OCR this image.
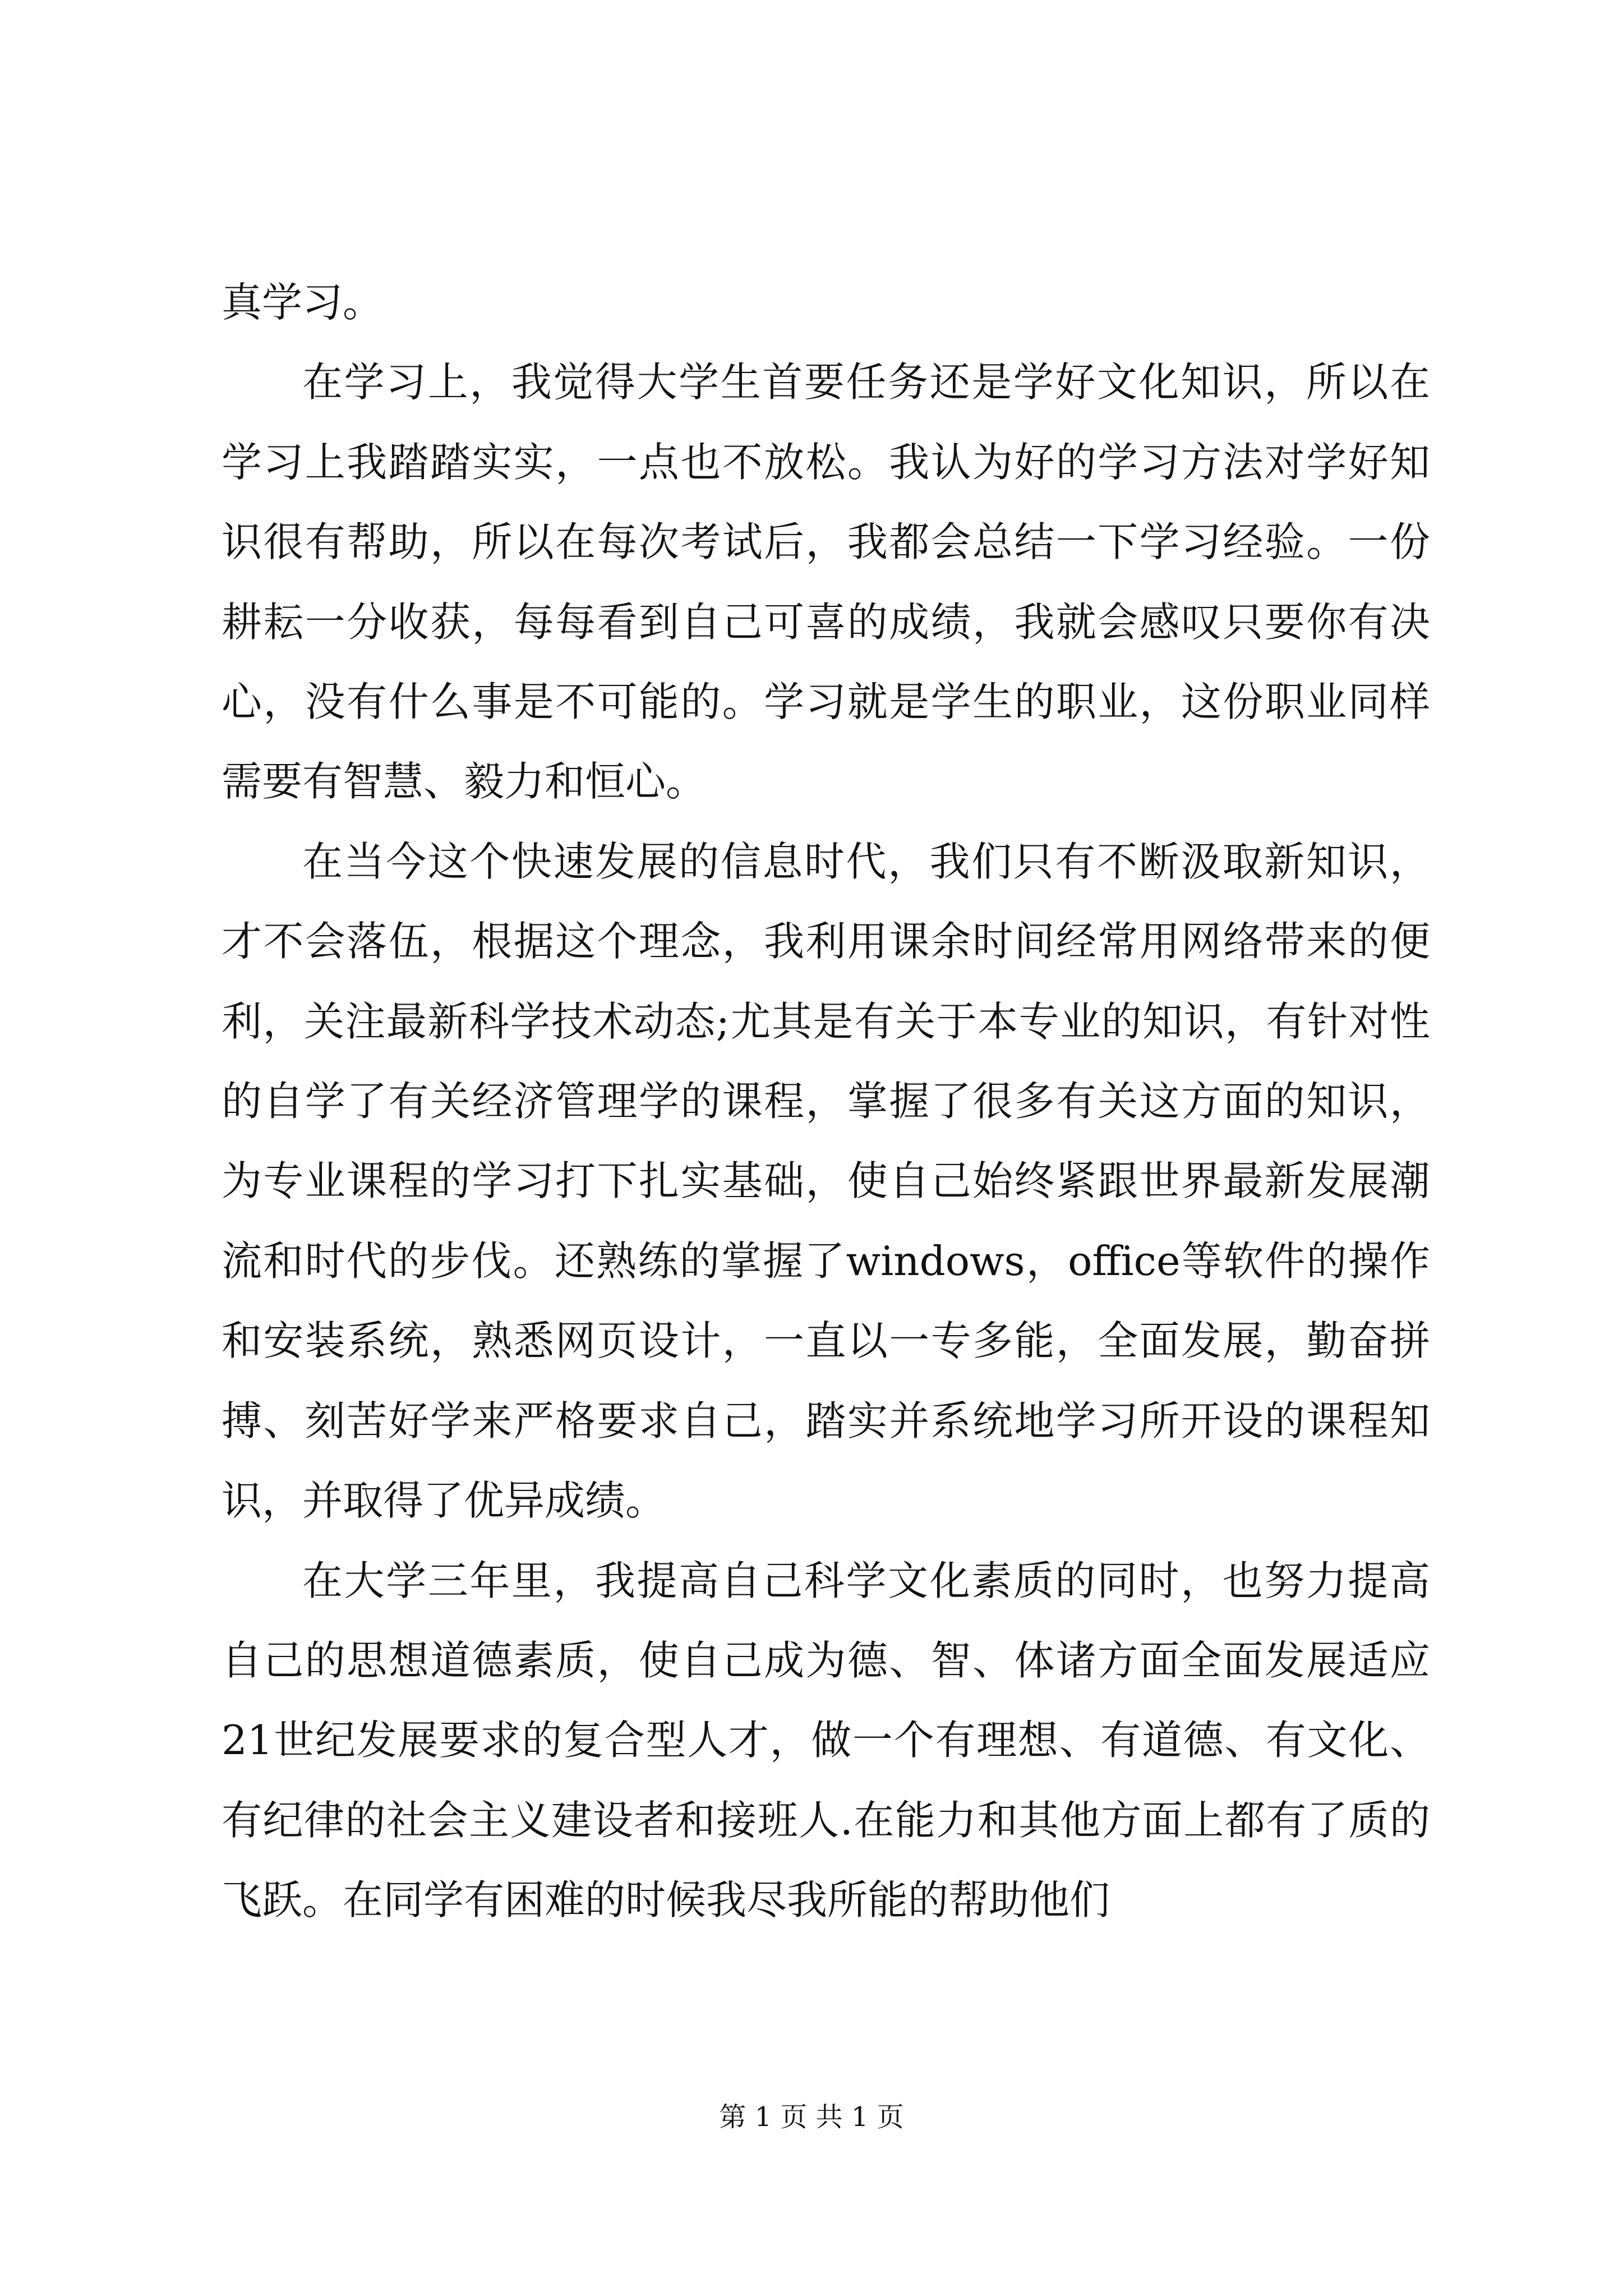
真学习。

在学习上，我觉得大学生首要任务还是学好文化知识，所以在学习上我踏踏实实，一点也不放松。我认为好的学习方法对学好知识很有帮助，所以在每次考试后，我都会总结一下学习经验。一份耕耘一分收获，每每看到自己可喜的成绩，我就会感叹只要你有决心，没有什么事是不可能的。学习就是学生的职业，这份职业同样需要有智慧、毅力和恒心。

在当今这个快速发展的信息时代，我们只有不断汲取新知识，才不会落伍，根据这个理念，我利用课余时间经常用网络带来的便利，关注最新科学技术动态;尤其是有关于本专业的知识，有针对性的自学了有关经济管理学的课程，掌握了很多有关这方面的知识，为专业课程的学习打下扎实基础，使自己始终紧跟世界最新发展潮流和时代的步伐。还熟练的掌握了windows，office等软件的操作和安装系统，熟悉网页设计，一直以一专多能，全面发展，勤奋拼搏、刻苦好学来严格要求自己，踏实并系统地学习所开设的课程知识，并取得了优异成绩。

在大学三年里，我提高自己科学文化素质的同时，也努力提高自己的思想道德素质，使自己成为德、智、体诸方面全面发展适应21世纪发展要求的复合型人才，做一个有理想、有道德、有文化、有纪律的社会主义建设者和接班人.在能力和其他方面上都有了质的飞跃。在同学有困难的时候我尽我所能的帮助他们

第 1 页 共 1 页
